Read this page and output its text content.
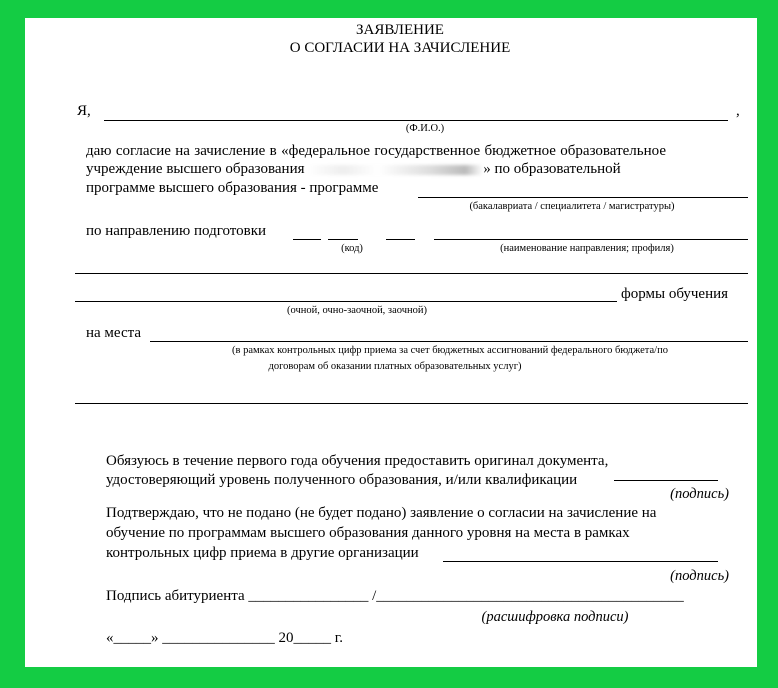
ЗАЯВЛЕНИЕ
О СОГЛАСИИ НА ЗАЧИСЛЕНИЕ
Я,	,
(Ф.И.О.)
даю согласие на зачисление в «федеральное государственное бюджетное образовательное
учреждение высшего образования	» по образовательной
программе высшего образования - программе
(бакалавриата / специалитета / магистратуры)
по направлению подготовки
(код)	(наименование направления; профиля)
формы обучения
(очной, очно-заочной, заочной)
на места
(в рамках контрольных цифр приема за счет бюджетных ассигнований федерального бюджета/по
договорам об оказании платных образовательных услуг)
Обязуюсь в течение первого года обучения предоставить оригинал документа,
удостоверяющий уровень полученного образования, и/или квалификации
(подпись)
Подтверждаю, что не подано (не будет подано) заявление о согласии на зачисление на
обучение по программам высшего образования данного уровня на места в рамках
контрольных цифр приема в другие организации
(подпись)
Подпись абитуриента ________________ /_________________________________________
(расшифровка подписи)
«_____» _______________ 20_____ г.
